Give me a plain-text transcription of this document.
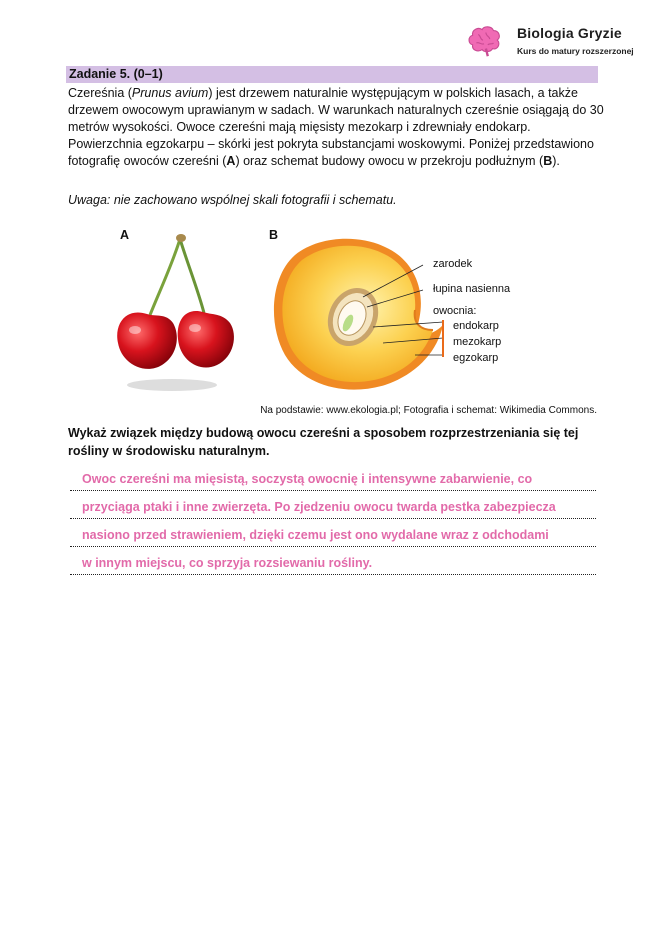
Biologia Gryzie
Kurs do matury rozszerzonej
Zadanie 5. (0–1)

Czereśnia (Prunus avium) jest drzewem naturalnie występującym w polskich lasach, a także drzewem owocowym uprawianym w sadach. W warunkach naturalnych czereśnie osiągają do 30 metrów wysokości. Owoce czereśni mają mięsisty mezokarp i zdrewniały endokarp. Powierzchnia egzokarpu – skórki jest pokryta substancjami woskowymi. Poniżej przedstawiono fotografię owoców czereśni (A) oraz schemat budowy owocu w przekroju podłużnym (B).

Uwaga: nie zachowano wspólnej skali fotografii i schematu.

A	B
zarodek
łupina nasienna
owocnia:
endokarp
mezokarp
egzokarp
Na podstawie: www.ekologia.pl; Fotografia i schemat: Wikimedia Commons.

Wykaż związek między budową owocu czereśni a sposobem rozprzestrzeniania się tej rośliny w środowisku naturalnym.

Owoc czereśni ma mięsistą, soczystą owocnię i intensywne zabarwienie, co
przyciąga ptaki i inne zwierzęta. Po zjedzeniu owocu twarda pestka zabezpiecza
nasiono przed strawieniem, dzięki czemu jest ono wydalane wraz z odchodami
w innym miejscu, co sprzyja rozsiewaniu rośliny.
